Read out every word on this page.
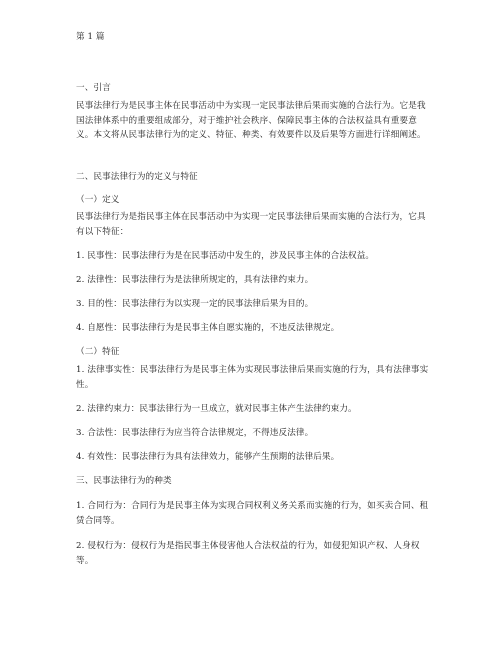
第 1 篇
一、引言
民事法律行为是民事主体在民事活动中为实现一定民事法律后果而实施的合法行为。它是我国法律体系中的重要组成部分，对于维护社会秩序、保障民事主体的合法权益具有重要意义。本文将从民事法律行为的定义、特征、种类、有效要件以及后果等方面进行详细阐述。
二、民事法律行为的定义与特征
（一）定义
民事法律行为是指民事主体在民事活动中为实现一定民事法律后果而实施的合法行为，它具有以下特征：
1. 民事性：民事法律行为是在民事活动中发生的，涉及民事主体的合法权益。
2. 法律性：民事法律行为是法律所规定的，具有法律约束力。
3. 目的性：民事法律行为以实现一定的民事法律后果为目的。
4. 自愿性：民事法律行为是民事主体自愿实施的，不违反法律规定。
（二）特征
1. 法律事实性：民事法律行为是民事主体为实现民事法律后果而实施的行为，具有法律事实性。
2. 法律约束力：民事法律行为一旦成立，就对民事主体产生法律约束力。
3. 合法性：民事法律行为应当符合法律规定，不得违反法律。
4. 有效性：民事法律行为具有法律效力，能够产生预期的法律后果。
三、民事法律行为的种类
1. 合同行为：合同行为是民事主体为实现合同权利义务关系而实施的行为，如买卖合同、租赁合同等。
2. 侵权行为：侵权行为是指民事主体侵害他人合法权益的行为，如侵犯知识产权、人身权等。
